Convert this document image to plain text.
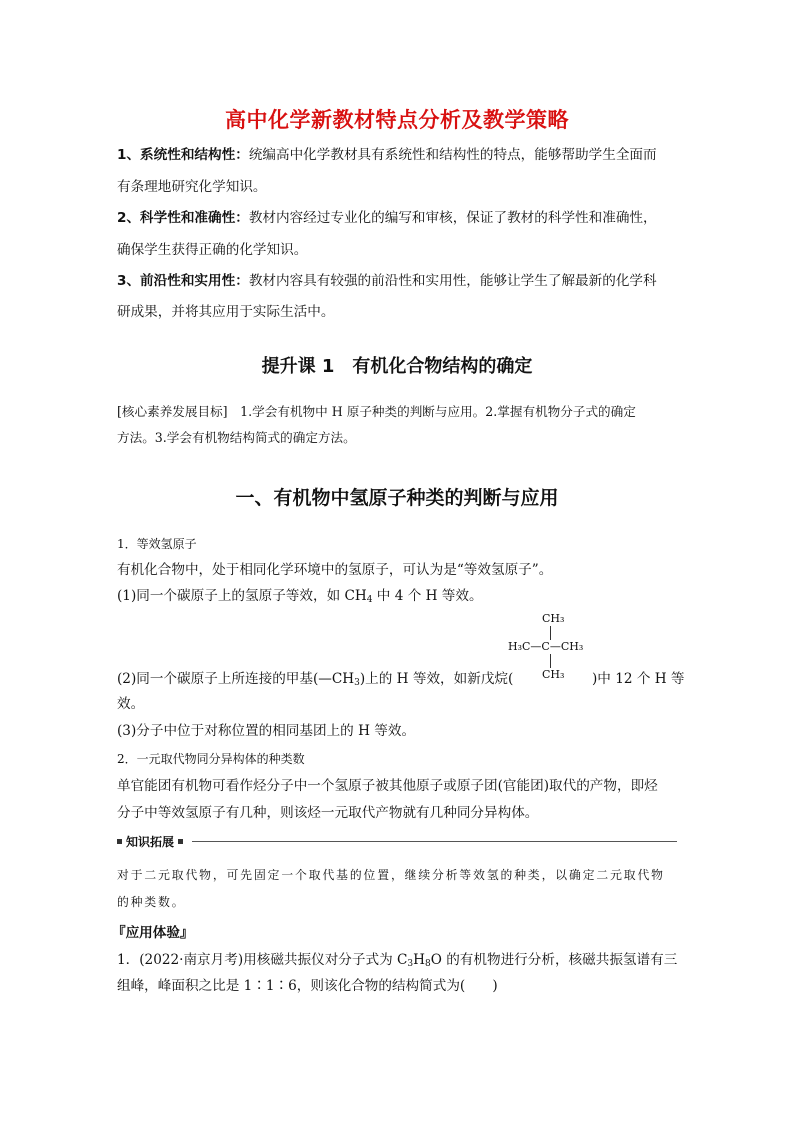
高中化学新教材特点分析及教学策略
1、系统性和结构性：统编高中化学教材具有系统性和结构性的特点，能够帮助学生全面而
有条理地研究化学知识。
2、科学性和准确性：教材内容经过专业化的编写和审核，保证了教材的科学性和准确性，
确保学生获得正确的化学知识。
3、前沿性和实用性：教材内容具有较强的前沿性和实用性，能够让学生了解最新的化学科
研成果，并将其应用于实际生活中。
提升课 1　有机化合物结构的确定
[核心素养发展目标]　1.学会有机物中 H 原子种类的判断与应用。2.掌握有机物分子式的确定
方法。3.学会有机物结构简式的确定方法。
一、有机物中氢原子种类的判断与应用
1．等效氢原子
有机化合物中，处于相同化学环境中的氢原子，可认为是“等效氢原子”。
(1)同一个碳原子上的氢原子等效，如 $CH_4$ 中 4 个 H 等效。
CH₃
H₃C—C—CH₃
CH₃
(2)同一个碳原子上所连接的甲基$(—CH_3)$上的 H 等效，如新戊烷(	)中 12 个 H 等
效。
(3)分子中位于对称位置的相同基团上的 H 等效。
2．一元取代物同分异构体的种类数
单官能团有机物可看作烃分子中一个氢原子被其他原子或原子团(官能团)取代的产物，即烃
分子中等效氢原子有几种，则该烃一元取代产物就有几种同分异构体。
知识拓展
对于二元取代物，可先固定一个取代基的位置，继续分析等效氢的种类，以确定二元取代物
的种类数。
『应用体验』
1．(2022·南京月考)用核磁共振仪对分子式为 $C_3H_8O$ 的有机物进行分析，核磁共振氢谱有三
组峰，峰面积之比是 1∶1∶6，则该化合物的结构简式为(　　)
